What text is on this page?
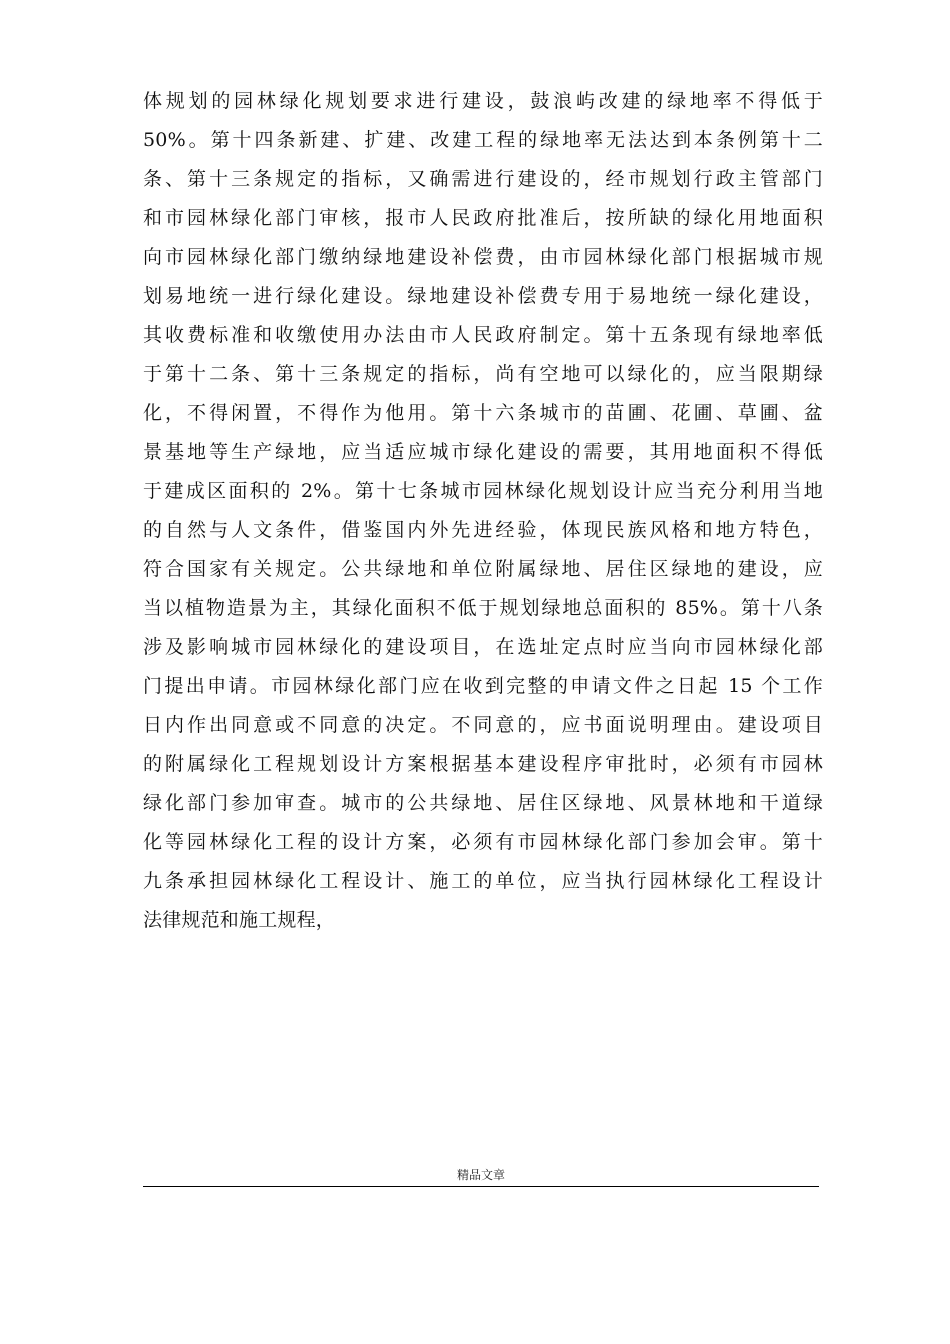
体规划的园林绿化规划要求进行建设，鼓浪屿改建的绿地率不得低于
50%。第十四条新建、扩建、改建工程的绿地率无法达到本条例第十二
条、第十三条规定的指标，又确需进行建设的，经市规划行政主管部门
和市园林绿化部门审核，报市人民政府批准后，按所缺的绿化用地面积
向市园林绿化部门缴纳绿地建设补偿费，由市园林绿化部门根据城市规
划易地统一进行绿化建设。绿地建设补偿费专用于易地统一绿化建设，
其收费标准和收缴使用办法由市人民政府制定。第十五条现有绿地率低
于第十二条、第十三条规定的指标，尚有空地可以绿化的，应当限期绿
化，不得闲置，不得作为他用。第十六条城市的苗圃、花圃、草圃、盆
景基地等生产绿地，应当适应城市绿化建设的需要，其用地面积不得低
于建成区面积的 2%。第十七条城市园林绿化规划设计应当充分利用当地
的自然与人文条件，借鉴国内外先进经验，体现民族风格和地方特色，
符合国家有关规定。公共绿地和单位附属绿地、居住区绿地的建设，应
当以植物造景为主，其绿化面积不低于规划绿地总面积的 85%。第十八条
涉及影响城市园林绿化的建设项目，在选址定点时应当向市园林绿化部
门提出申请。市园林绿化部门应在收到完整的申请文件之日起 15 个工作
日内作出同意或不同意的决定。不同意的，应书面说明理由。建设项目
的附属绿化工程规划设计方案根据基本建设程序审批时，必须有市园林
绿化部门参加审查。城市的公共绿地、居住区绿地、风景林地和干道绿
化等园林绿化工程的设计方案，必须有市园林绿化部门参加会审。第十
九条承担园林绿化工程设计、施工的单位，应当执行园林绿化工程设计
法律规范和施工规程，
精品文章
